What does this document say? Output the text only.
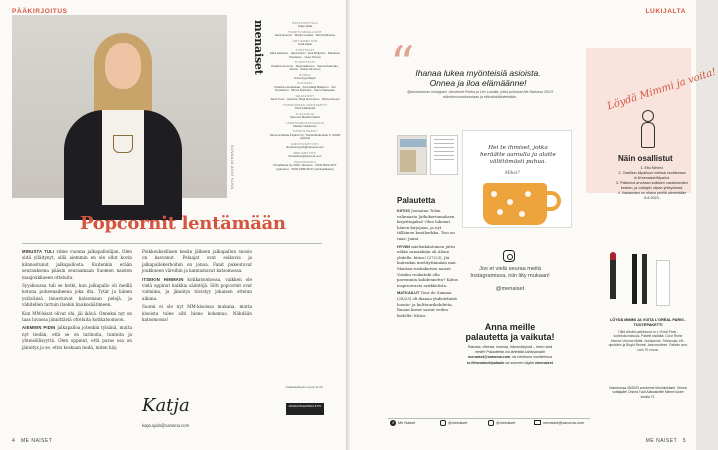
PÄÄKIRJOITUS
KUVAAJA ANNI KUVA
Popcornit lentämään

MINUSTA TULI viime vuonna jalkapalloilijan. Olen siitä ylläitynyt, sillä aiemmin en ole ollut kovin kiinnostunut jalkapallosta. Kuitenkin erään seurauksena pääsin seuraamaan Suomen naisten maajoukkueen otteluita.

Syyskuussa tuli se hetki, kun jalkapallo oli meillä kotona puheenaiheena joka ilta. Tytär ja hänen ystävänsä innostuivat katsomaan pelejä, ja vähitellen tartuin itsekin kaukosäätimeen.

Kun MM-kisat olivat ohi, jäi ikävä. Onneksi nyt on taas luvassa jännittäviä otteluita kotikatsomoon.

AIEMMIN PIDIN jalkapalloa jotenkin tylsänä, mutta nyt tiedän, että se on tarinoita, tunteita ja yhteisöllisyyttä. Olen oppinut, että paras osa on jännitys ja se, ettei koskaan tiedä, miten käy.

Poikkeuksellisen kesän jälkeen jalkapallon suosio on kasvanut. Pelaajat ovat esikuvia ja jalkapallokerhoihin on jonoa. Fanit pukeutuvat joukkueen väreihin ja kannustavat katsomossa.

ITSEKIN HIMMAIN kotikatsomossa, vaikken ole vielä oppinut kaikkia sääntöjä. Silti popcornit ovat valmiina, ja jännitys tiivistyy jokaisen ottelun aikana.

Suomi ei ole nyt MM-kisoissa mukana, mutta kisoista tulee silti hieno kokemus. Nähdään katsomossa!

Katja
katja.ojala@sanoma.com
menaiset	PÄÄTOIMITTAJA
Katja Ojala
TOIMITUSPÄÄLLIKÖT
Heidi Hoenen · Marjut Lauska · Sari Parkkonen
ART DIRECTOR
Jutta Aaltio
TUOTTAJAT
Elisa Aaltonen · Heidi Helmi · Eva Myllynen · Marianne Rautanen · Vesa Vimma
TOIMITTAJAT
Pauliina Arumoni · Tanja Aaltonen · Sanna Kaarsalo-Ruotsi · Aleksi Hirvonen
RUOKA
Anna Kyyröhkytö
ULKOASU
Kristiina Liitokankaa · Anni-Maija Mieltinen · Vivi Nordström · Minna Ruohoko · Sanni Vaarasalo
GRAAFIKOT
Sami Tuuri · Janniina Tanja Ronnanen · Minna Rovesi
TOIMITUKSEN ASSISTENTTI
Tiina Kalliokoski
JULKAISIJA
Sanoma Media Finland
LIIKETOIMINTAJOHTAJA
Meiden Hukkanen
YHTEYSTIEDOT
Sanoma Media Finland Oy, Töölönlahdenkatu 2, 00100 Helsinki
ILMOITUSMYYNTI
ilmoitusmyynti@sanoma.com
MEDIAMYYNTI
ilmoitukset@sanoma.com
PAINOPAIKKA
PunaMusta Oy 2023, Tampere · ISSN 0023-3277 (painettu) · ISSN 2489-9372 (verkkojulkaisu)
Asiakaspalvelu ma-pe 8–16
AIKAKAUSLEHTIEN LIITTO
4 ME NAISET
LUKIJALTA
“ Ihanaa lukea myönteisiä asioista. Onnea ja iloa elämäänne!
@lomaoloman Instagram -tarvekset Pekka ja Leo Laurilla, jotka puhuivat Me Naisissa 28/23 elämänmuutoksestaan ja elämänkäänteistään.	Löydä Mimmi ja voita!
Näin osallistut
1. Etsi Mimmi.
2. Osallistu kilpailuun netissä osoitteessa is.fi/menaiset/kilpailut.
3. Palkinnot arvotaan kaikkien vastanneiden kesken, ja voittajiin ollaan yhteydessä.
4. Vastausten on oltava perillä viimeistään 8.8.2023.
LÖYDÄ MIMMI JA VOITA L'ORÉAL PARIS -TUOTEPAKETTI
Tällä viikolla palkintona on L'Oréal Paris -tuotekokonaisuus. Paketti sisältää: Color Riche Intense Volume Matte -huulipunan, Telescopic Lift -ripsivärin ja Bright Reveal -kasvovoiteen. Paketin arvo noin 70 euroa.
Numerossa 28/2023 arvoimme Moominkäset. Onnea voittajalle! Onnea Tuuli Alakoskelle! Mimmi lukee sivulla 71.
Hei te ihmiset, jotka heräätte aamulla ja alatte välittömästi puhua.
Miksi?
Palautetta

KIITOS Joonatan Tolan valinnasta Jatkokertomuksen kirjoittajaksi! Olen lukenut hänen kirjojaan, ja nyt tälläinen kesäherkku. Tosi on taas! Janni

HYVIIN mielenkiintoinen juttu nälän sanoinkäin oli Alona yhdelle, kiitos! (27/23). Jäi kuitenkin mietityttämään mm. Mantan ruokakorien naiset. Voisiko ruokatuki olla paremmin kohdennettu? Kiitos inspiroivasta artikkelista.

MATKAILUT Tour de Saimaa (28/23) oli ihanaa yhdistelmää luonto- ja kulttuurikohdetta. Ruuan kuvat saivat veden kielelle! Kiitos.

Jos et vielä seuraa meitä Instagramissa, niin liity mukaan!
@menaiset
Anna meille palautetta ja vaikuta!
Ratosta, vihesta, innosta, hämmästystä – kerro sinä meille! Palautteita voi lähettää sähköpostiin menaiset@sanoma.com, tai verkkoon osoitteessa is.fi/menaiset/palaute tai someen tägää #menaiset
f	Me Naiset	@menaiset	@menaiset	menaiset@sanoma.com
ME NAISET 5
